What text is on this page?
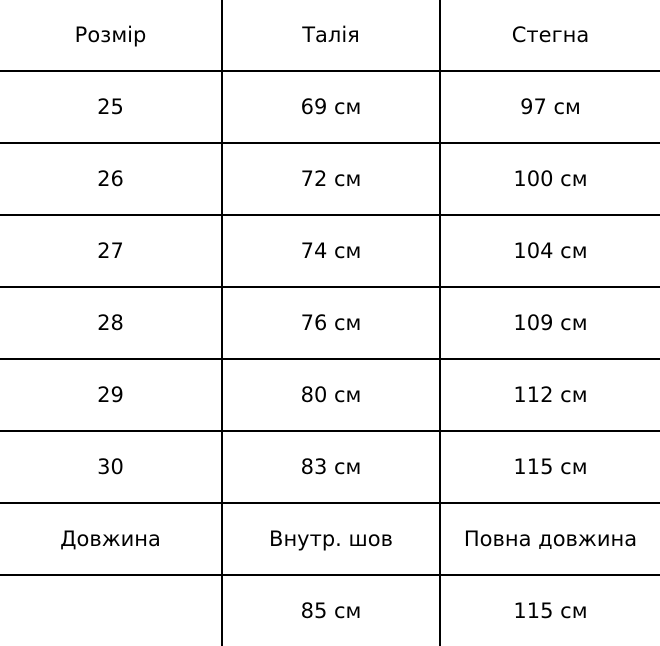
Розмір	Талія	Стегна
25	69 см	97 см
26	72 см	100 см
27	74 см	104 см
28	76 см	109 см
29	80 см	112 см
30	83 см	115 см
Довжина	Внутр. шов	Повна довжина
	85 см	115 см
